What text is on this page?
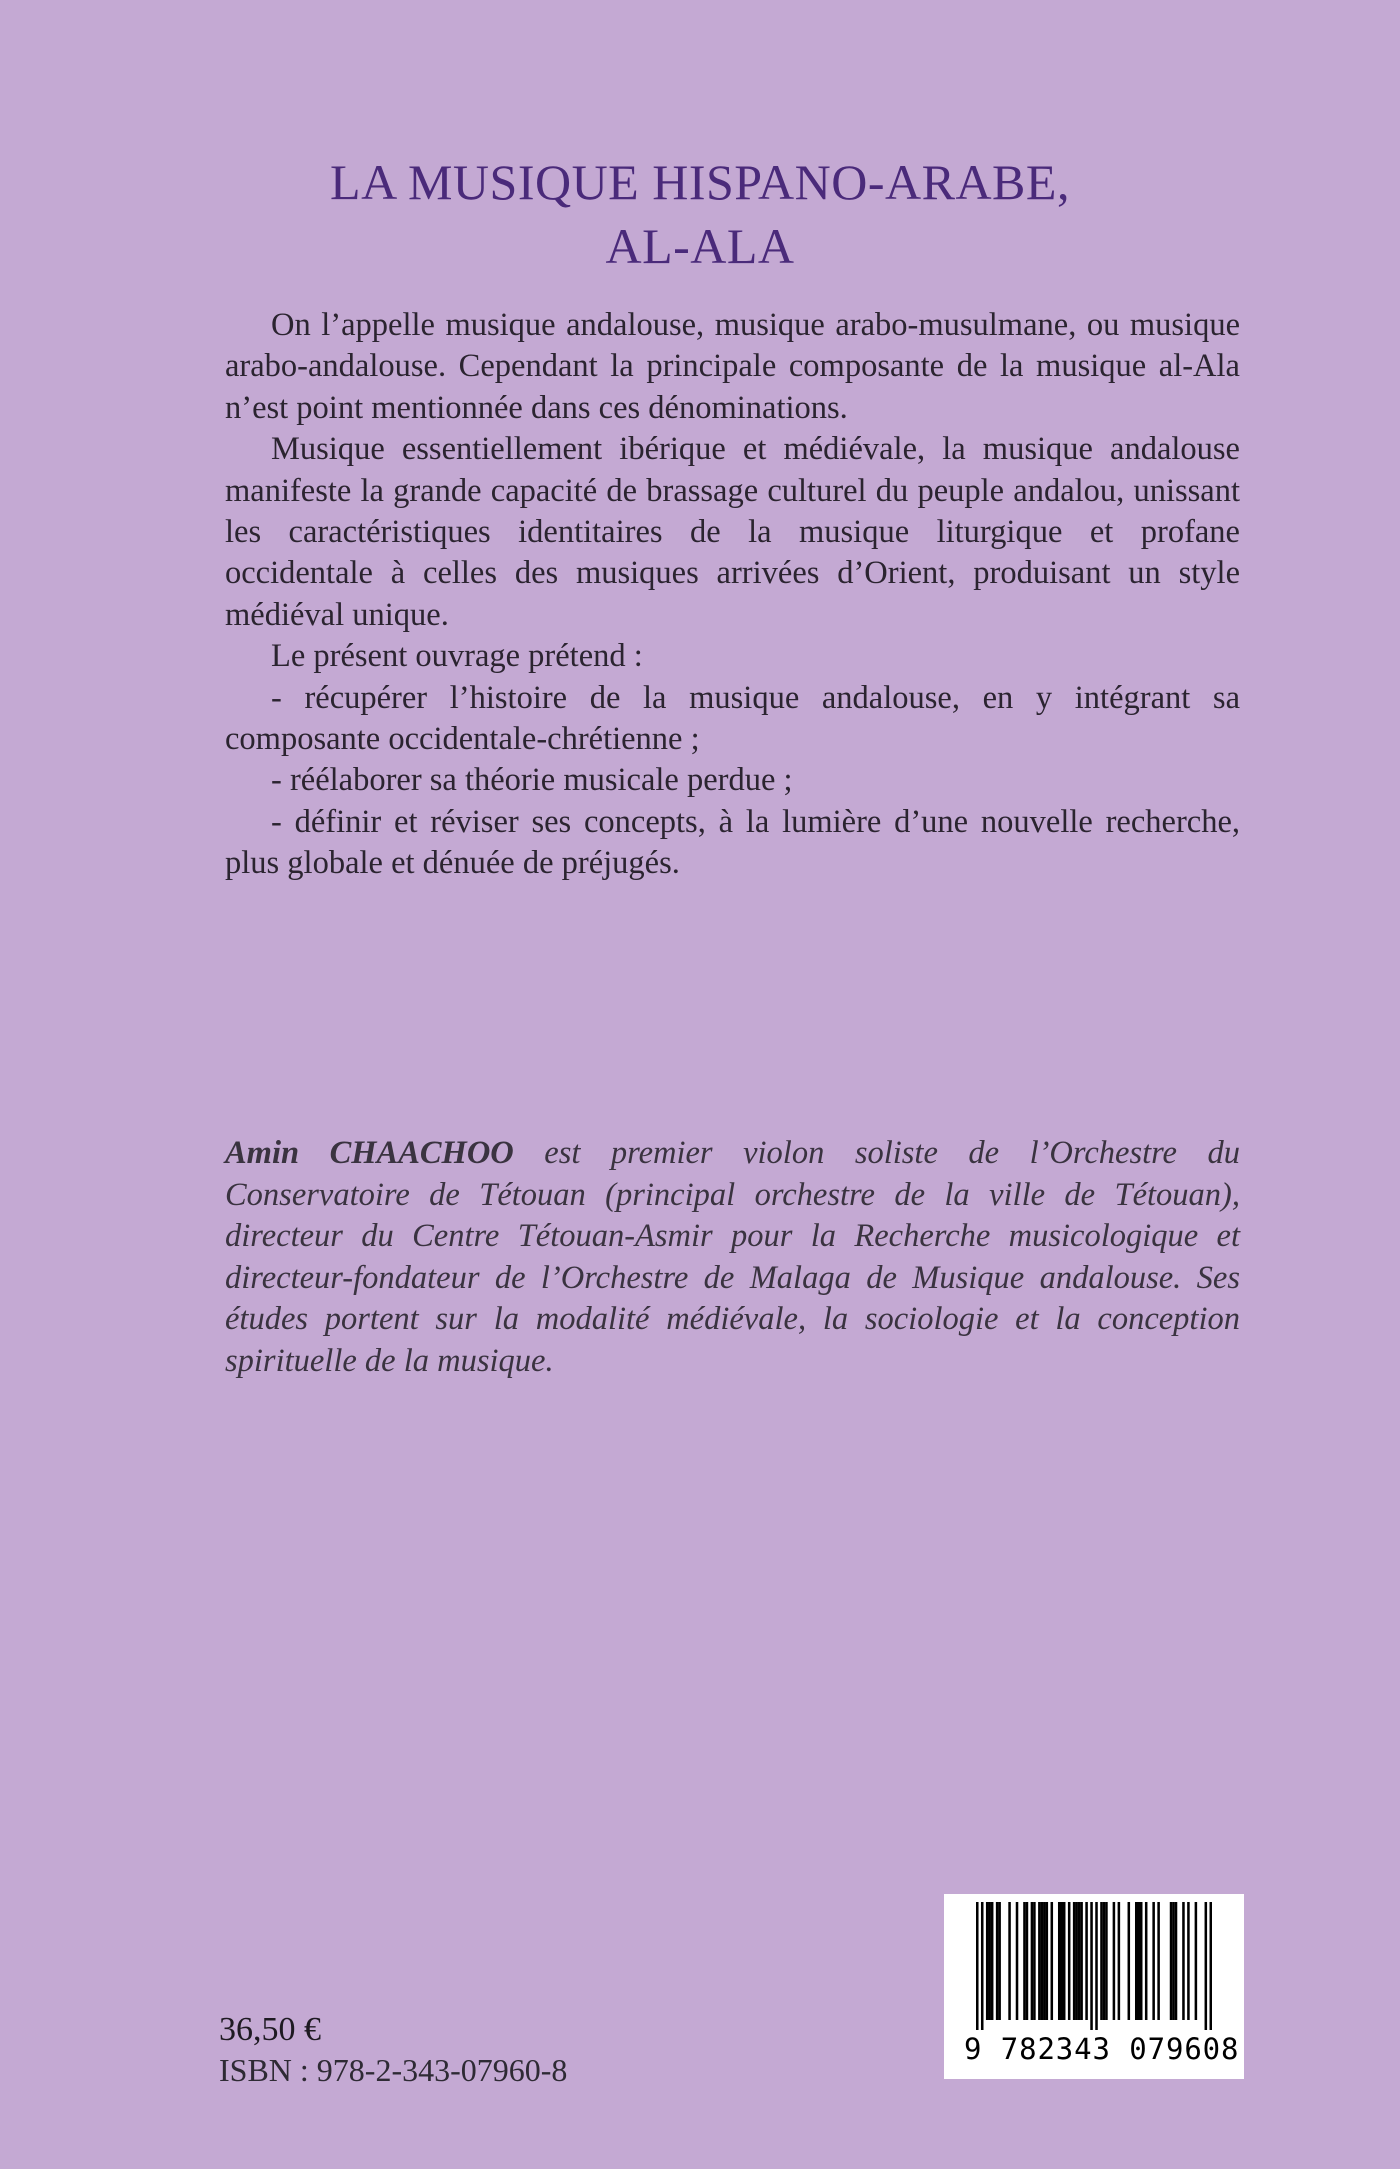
LA MUSIQUE HISPANO-ARABE,
AL-ALA

On l’appelle musique andalouse, musique arabo-musulmane, ou musique arabo-andalouse. Cependant la principale composante de la musique al-Ala n’est point mentionnée dans ces dénominations.

Musique essentiellement ibérique et médiévale, la musique andalouse manifeste la grande capacité de brassage culturel du peuple andalou, unissant les caractéristiques identitaires de la musique liturgique et profane occidentale à celles des musiques arrivées d’Orient, produisant un style médiéval unique.

Le présent ouvrage prétend :

- récupérer l’histoire de la musique andalouse, en y intégrant sa composante occidentale-chrétienne ;

- réélaborer sa théorie musicale perdue ;

- définir et réviser ses concepts, à la lumière d’une nouvelle recherche, plus globale et dénuée de préjugés.

Amin CHAACHOO est premier violon soliste de l’Orchestre du Conservatoire de Tétouan (principal orchestre de la ville de Tétouan), directeur du Centre Tétouan-Asmir pour la Recherche musicologique et directeur-fondateur de l’Orchestre de Malaga de Musique andalouse. Ses études portent sur la modalité médiévale, la sociologie et la conception spirituelle de la musique.
36,50 €
ISBN : 978-2-343-07960-8
9 782343 079608
